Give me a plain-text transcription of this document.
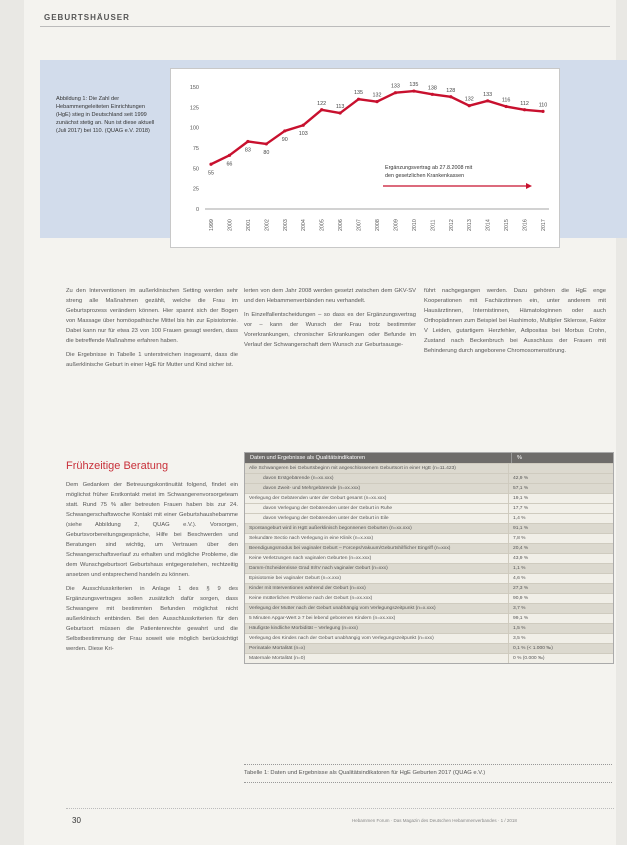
GEBURTSHÄUSER
Abbildung 1: Die Zahl der Hebammengeleiteten Einrichtungen (HgE) stieg in Deutschland seit 1999 zunächst stetig an. Nun ist diese aktuell (Juli 2017) bei 110. (QUAG e.V. 2018)
0
25
50
75
100
125
150
1999 2000 2001 2002 2003 2004 2005 2006 2007 2008 2009 2010 2011 2012 2013 2014 2015 2016 2017
55
66
83 80
90
103
122
113
135 132
133 135
138 128
132
133
116
112 110
Ergänzungsvertrag ab 27.8.2008 mit
den gesetzlichen Krankenkassen

Zu den Interventionen im außerklinischen Setting werden sehr streng alle Maßnahmen gezählt, welche die Frau im Geburtsprozess verändern können. Hier spannt sich der Bogen von Massage über homöopathische Mittel bis hin zur Episiotomie. Dabei kann nur für etwa 23 von 100 Frauen gesagt werden, dass die betreffende Maßnahme erfahren haben.

Die Ergebnisse in Tabelle 1 unterstreichen insgesamt, dass die außerklinische Geburt in einer HgE für Mutter und Kind sicher ist.

lerten von dem Jahr 2008 werden gesetzt zwischen dem GKV-SV und den Hebammenverbänden neu verhandelt.

In Einzelfallentscheidungen – so dass es der Ergänzungsvertrag vor – kann der Wunsch der Frau trotz bestimmter Vorerkrankungen, chronischer Erkrankungen oder Befunde im Verlauf der Schwangerschaft dem Wunsch zur Geburtsausge-

führt nachgegangen werden. Dazu gehören die HgE enge Kooperationen mit Fachärztinnen ein, unter anderem mit Hausärztinnen, Internistinnen, Hämatologinnen oder auch Orthopädinnen zum Beispiel bei Hashimoto, Multipler Sklerose, Faktor V Leiden, gutartigem Herzfehler, Adipositas bei Morbus Crohn, Zustand nach Beckenbruch bei Ausschluss der Frauen mit Behinderung durch angeborene Chromosomenstörung.

Frühzeitige Beratung

Dem Gedanken der Betreuungskontinuität folgend, findet ein möglichst früher Erstkontakt meist im Schwangerenvorsorgeteam statt. Rund 75 % aller betreuten Frauen haben bis zur 24. Schwangerschaftswoche Kontakt mit einer Geburtshaushebamme (siehe Abbildung 2, QUAG e.V.). Vorsorgen, Geburtsvorbereitungsgespräche, Hilfe bei Beschwerden und Beratungen sind wichtig, um Vertrauen über den Schwangerschaftsverlauf zu erhalten und mögliche Probleme, die dem Wunschgeburtsort Geburtshaus entgegenstehen, rechtzeitig ansetzen und entsprechend handeln zu können.

Die Ausschlusskriterien in Anlage 1 des § 9 des Ergänzungsvertrages sollen zusätzlich dafür sorgen, dass Schwangere mit bestimmten Befunden möglichst nicht außerklinisch entbinden. Bei den Ausschlusskriterien für den Geburtsort müssen die Patientenrechte gewahrt und die Selbstbestimmung der Frau soweit wie möglich berücksichtigt werden. Diese Kri-

Daten und Ergebnisse als Qualitätsindikatoren	%
Alle Schwangeren bei Geburtsbeginn mit angeschlossenem Geburtsort in einer HgE (n=11.423)
davon Erstgebärende (n=xx.xxx)	42,9 %
davon Zweit- und Mehrgebärende (n=xx.xxx)	57,1 %
Verlegung der Gebärenden unter der Geburt gesamt (n=xx.xxx)	19,1 %
davon Verlegung der Gebärenden unter der Geburt in Ruhe	17,7 %
davon Verlegung der Gebärenden unter der Geburt in Eile	1,4 %
Spontangeburt wird in HgE außerklinisch begonnenen Geburten (n=xx.xxx)	91,1 %
Sekundäre Sectio nach Verlegung in eine Klinik (n=x.xxx)	7,8 %
Beendigungsmodus bei vaginaler Geburt – Forceps/Vakuum/Geburtshilflicher Eingriff (n=xxx)	20,4 %
Keine Verletzungen nach vaginalen Geburten (n=xx.xxx)	43,9 %
Damm-/Scheidenrisse Grad III/IV nach vaginaler Geburt (n=xxx)	1,1 %
Episiotomie bei vaginaler Geburt (n=x.xxx)	4,6 %
Kinder mit Interventionen während der Geburt (n=xxx)	27,3 %
Keine mütterlichen Probleme nach der Geburt (n=xx.xxx)	90,9 %
Verlegung der Mutter nach der Geburt unabhängig vom Verlegungszeitpunkt (n=x.xxx)	3,7 %
5 Minuten Apgar-Wert ≥ 7 bei lebend geborenen Kindern (n=xx.xxx)	99,1 %
Häufigste kindliche Morbidität – Verlegung (n=xxx)	1,5 %
Verlegung des Kindes nach der Geburt unabhängig vom Verlegungszeitpunkt (n=xxx)	3,5 %
Perinatale Mortalität (n=x)	0,1 % (< 1.000 ‰)
Maternale Mortalität (n=0)	0 % (0.000 ‰)
Tabelle 1: Daten und Ergebnisse als Qualitätsindikatoren für HgE Geburten 2017 (QUAG e.V.)
30	Hebammen Forum · Das Magazin des Deutschen Hebammenverbandes · 1 / 2018
